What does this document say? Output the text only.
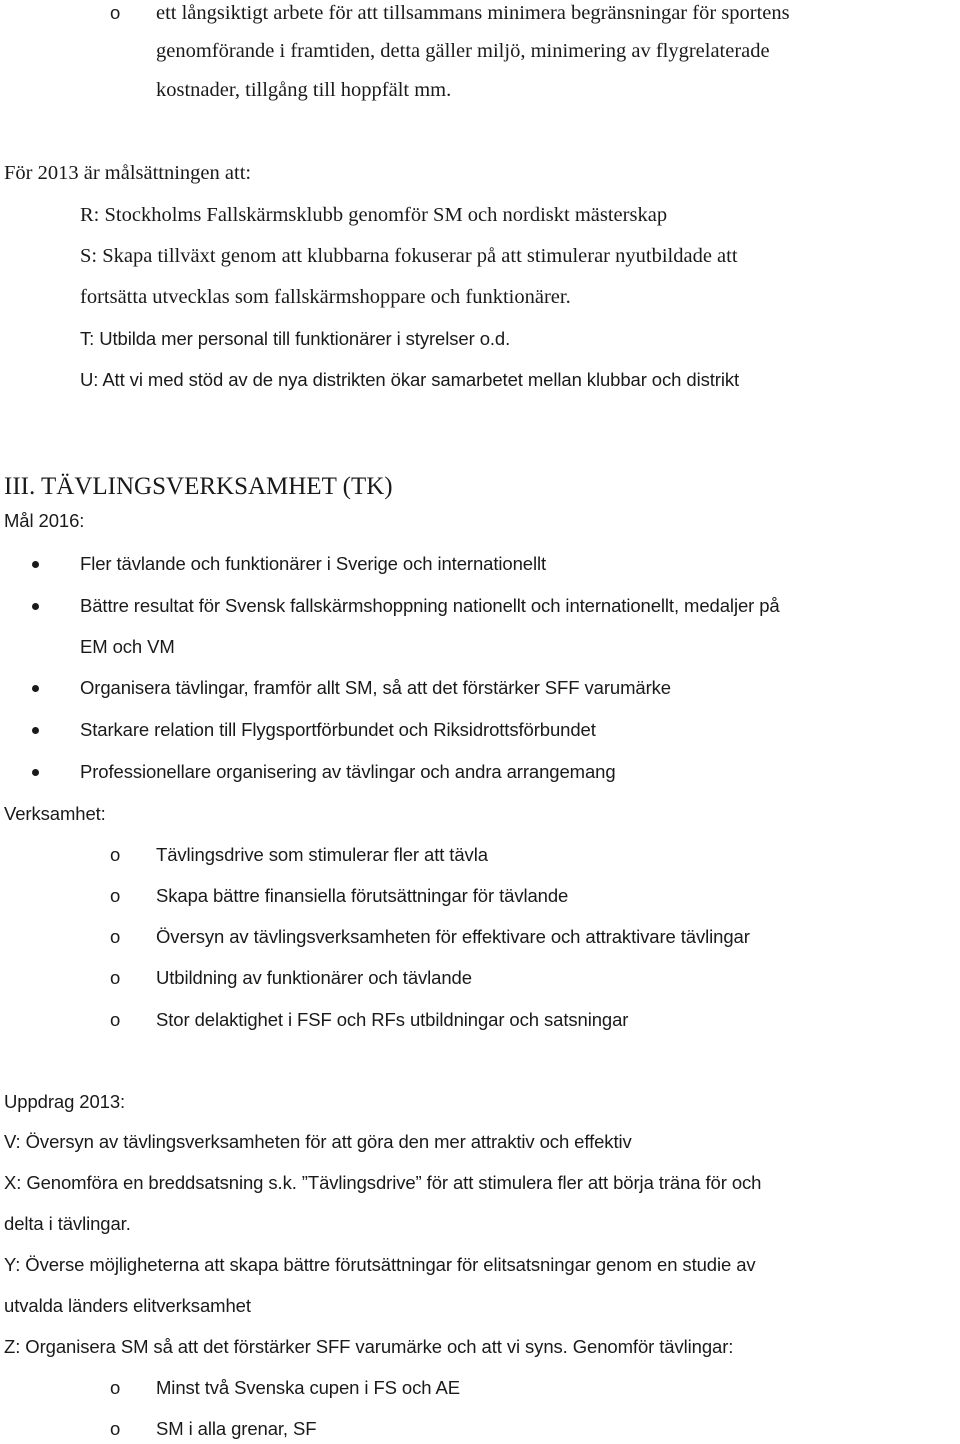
o ett långsiktigt arbete för att tillsammans minimera begränsningar för sportens
genomförande i framtiden, detta gäller miljö, minimering av flygrelaterade
kostnader, tillgång till hoppfält mm.
För 2013 är målsättningen att:
R: Stockholms Fallskärmsklubb genomför SM och nordiskt mästerskap
S: Skapa tillväxt genom att klubbarna fokuserar på att stimulerar nyutbildade att
fortsätta utvecklas som fallskärmshoppare och funktionärer.
T: Utbilda mer personal till funktionärer i styrelser o.d.
U: Att vi med stöd av de nya distrikten ökar samarbetet mellan klubbar och distrikt
III. TÄVLINGSVERKSAMHET (TK)
Mål 2016:
Fler tävlande och funktionärer i Sverige och internationellt
Bättre resultat för Svensk fallskärmshoppning nationellt och internationellt, medaljer på
EM och VM
Organisera tävlingar, framför allt SM, så att det förstärker SFF varumärke
Starkare relation till Flygsportförbundet och Riksidrottsförbundet
Professionellare organisering av tävlingar och andra arrangemang
Verksamhet:
o Tävlingsdrive som stimulerar fler att tävla
o Skapa bättre finansiella förutsättningar för tävlande
o Översyn av tävlingsverksamheten för effektivare och attraktivare tävlingar
o Utbildning av funktionärer och tävlande
o Stor delaktighet i FSF och RFs utbildningar och satsningar
Uppdrag 2013:
V: Översyn av tävlingsverksamheten för att göra den mer attraktiv och effektiv
X: Genomföra en breddsatsning s.k. ”Tävlingsdrive” för att stimulera fler att börja träna för och
delta i tävlingar.
Y: Överse möjligheterna att skapa bättre förutsättningar för elitsatsningar genom en studie av
utvalda länders elitverksamhet
Z: Organisera SM så att det förstärker SFF varumärke och att vi syns. Genomför tävlingar:
o Minst två Svenska cupen i FS och AE
o SM i alla grenar, SF
